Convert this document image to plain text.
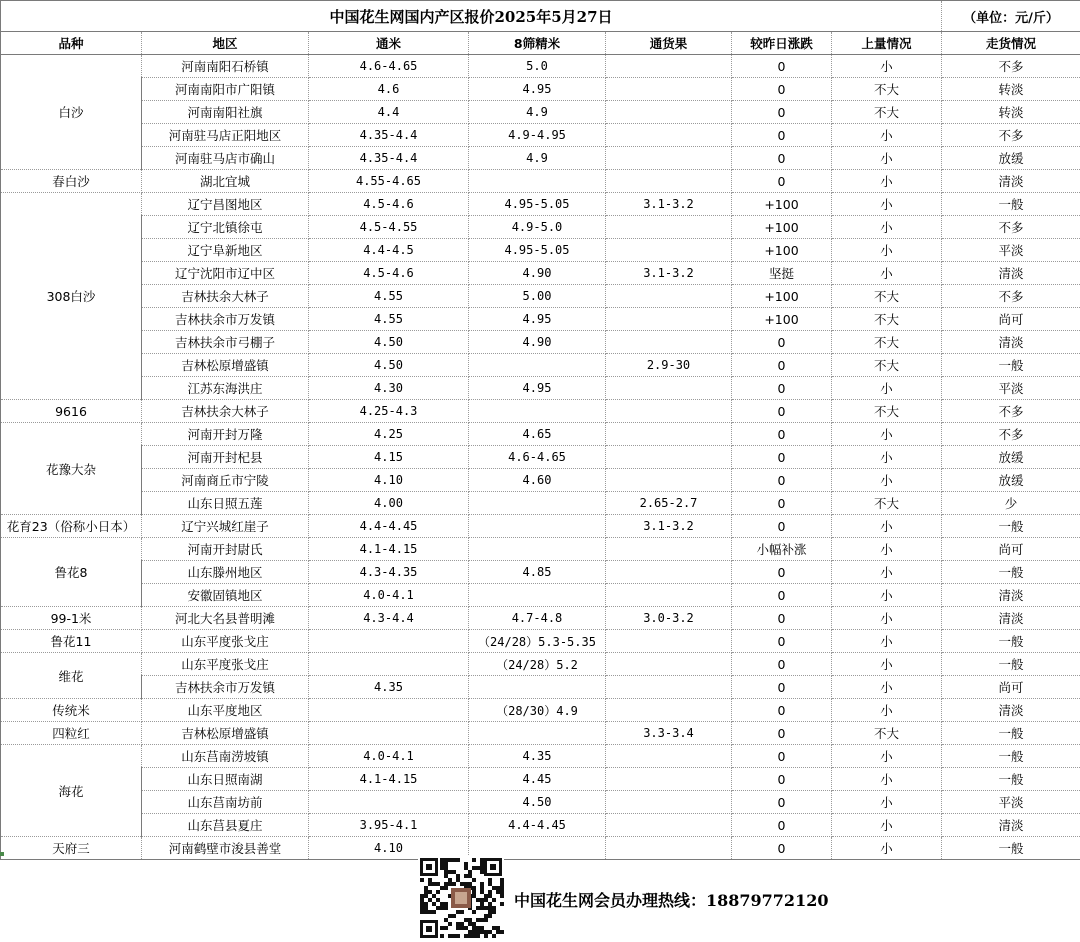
中国花生网国内产区报价2025年5月27日							（单位：元/斤）
品种	地区	通米	8筛精米	通货果	较昨日涨跌	上量情况	走货情况
白沙	河南南阳石桥镇	4.6-4.65	5.0		0	小	不多
	河南南阳市广阳镇	4.6	4.95		0	不大	转淡
	河南南阳社旗	4.4	4.9		0	不大	转淡
	河南驻马店正阳地区	4.35-4.4	4.9-4.95		0	小	不多
	河南驻马店市确山	4.35-4.4	4.9		0	小	放缓
春白沙	湖北宜城	4.55-4.65			0	小	清淡
308白沙	辽宁昌图地区	4.5-4.6	4.95-5.05	3.1-3.2	+100	小	一般
	辽宁北镇徐屯	4.5-4.55	4.9-5.0		+100	小	不多
	辽宁阜新地区	4.4-4.5	4.95-5.05		+100	小	平淡
	辽宁沈阳市辽中区	4.5-4.6	4.90	3.1-3.2	坚挺	小	清淡
	吉林扶余大林子	4.55	5.00		+100	不大	不多
	吉林扶余市万发镇	4.55	4.95		+100	不大	尚可
	吉林扶余市弓棚子	4.50	4.90		0	不大	清淡
	吉林松原增盛镇	4.50		2.9-30	0	不大	一般
	江苏东海洪庄	4.30	4.95		0	小	平淡
9616	吉林扶余大林子	4.25-4.3			0	不大	不多
花豫大杂	河南开封万隆	4.25	4.65		0	小	不多
	河南开封杞县	4.15	4.6-4.65		0	小	放缓
	河南商丘市宁陵	4.10	4.60		0	小	放缓
	山东日照五莲	4.00		2.65-2.7	0	不大	少
花育23（俗称小日本）	辽宁兴城红崖子	4.4-4.45		3.1-3.2	0	小	一般
鲁花8	河南开封尉氏	4.1-4.15			小幅补涨	小	尚可
	山东滕州地区	4.3-4.35	4.85		0	小	一般
	安徽固镇地区	4.0-4.1			0	小	清淡
99-1米	河北大名县普明滩	4.3-4.4	4.7-4.8	3.0-3.2	0	小	清淡
鲁花11	山东平度张戈庄		（24/28）5.3-5.35		0	小	一般
维花	山东平度张戈庄		（24/28）5.2		0	小	一般
	吉林扶余市万发镇	4.35			0	小	尚可
传统米	山东平度地区		（28/30）4.9		0	小	清淡
四粒红	吉林松原增盛镇			3.3-3.4	0	不大	一般
海花	山东莒南涝坡镇	4.0-4.1	4.35		0	小	一般
	山东日照南湖	4.1-4.15	4.45		0	小	一般
	山东莒南坊前		4.50		0	小	平淡
	山东莒县夏庄	3.95-4.1	4.4-4.45		0	小	清淡
天府三	河南鹤壁市浚县善堂	4.10			0	小	一般
中国花生网会员办理热线：18879772120
